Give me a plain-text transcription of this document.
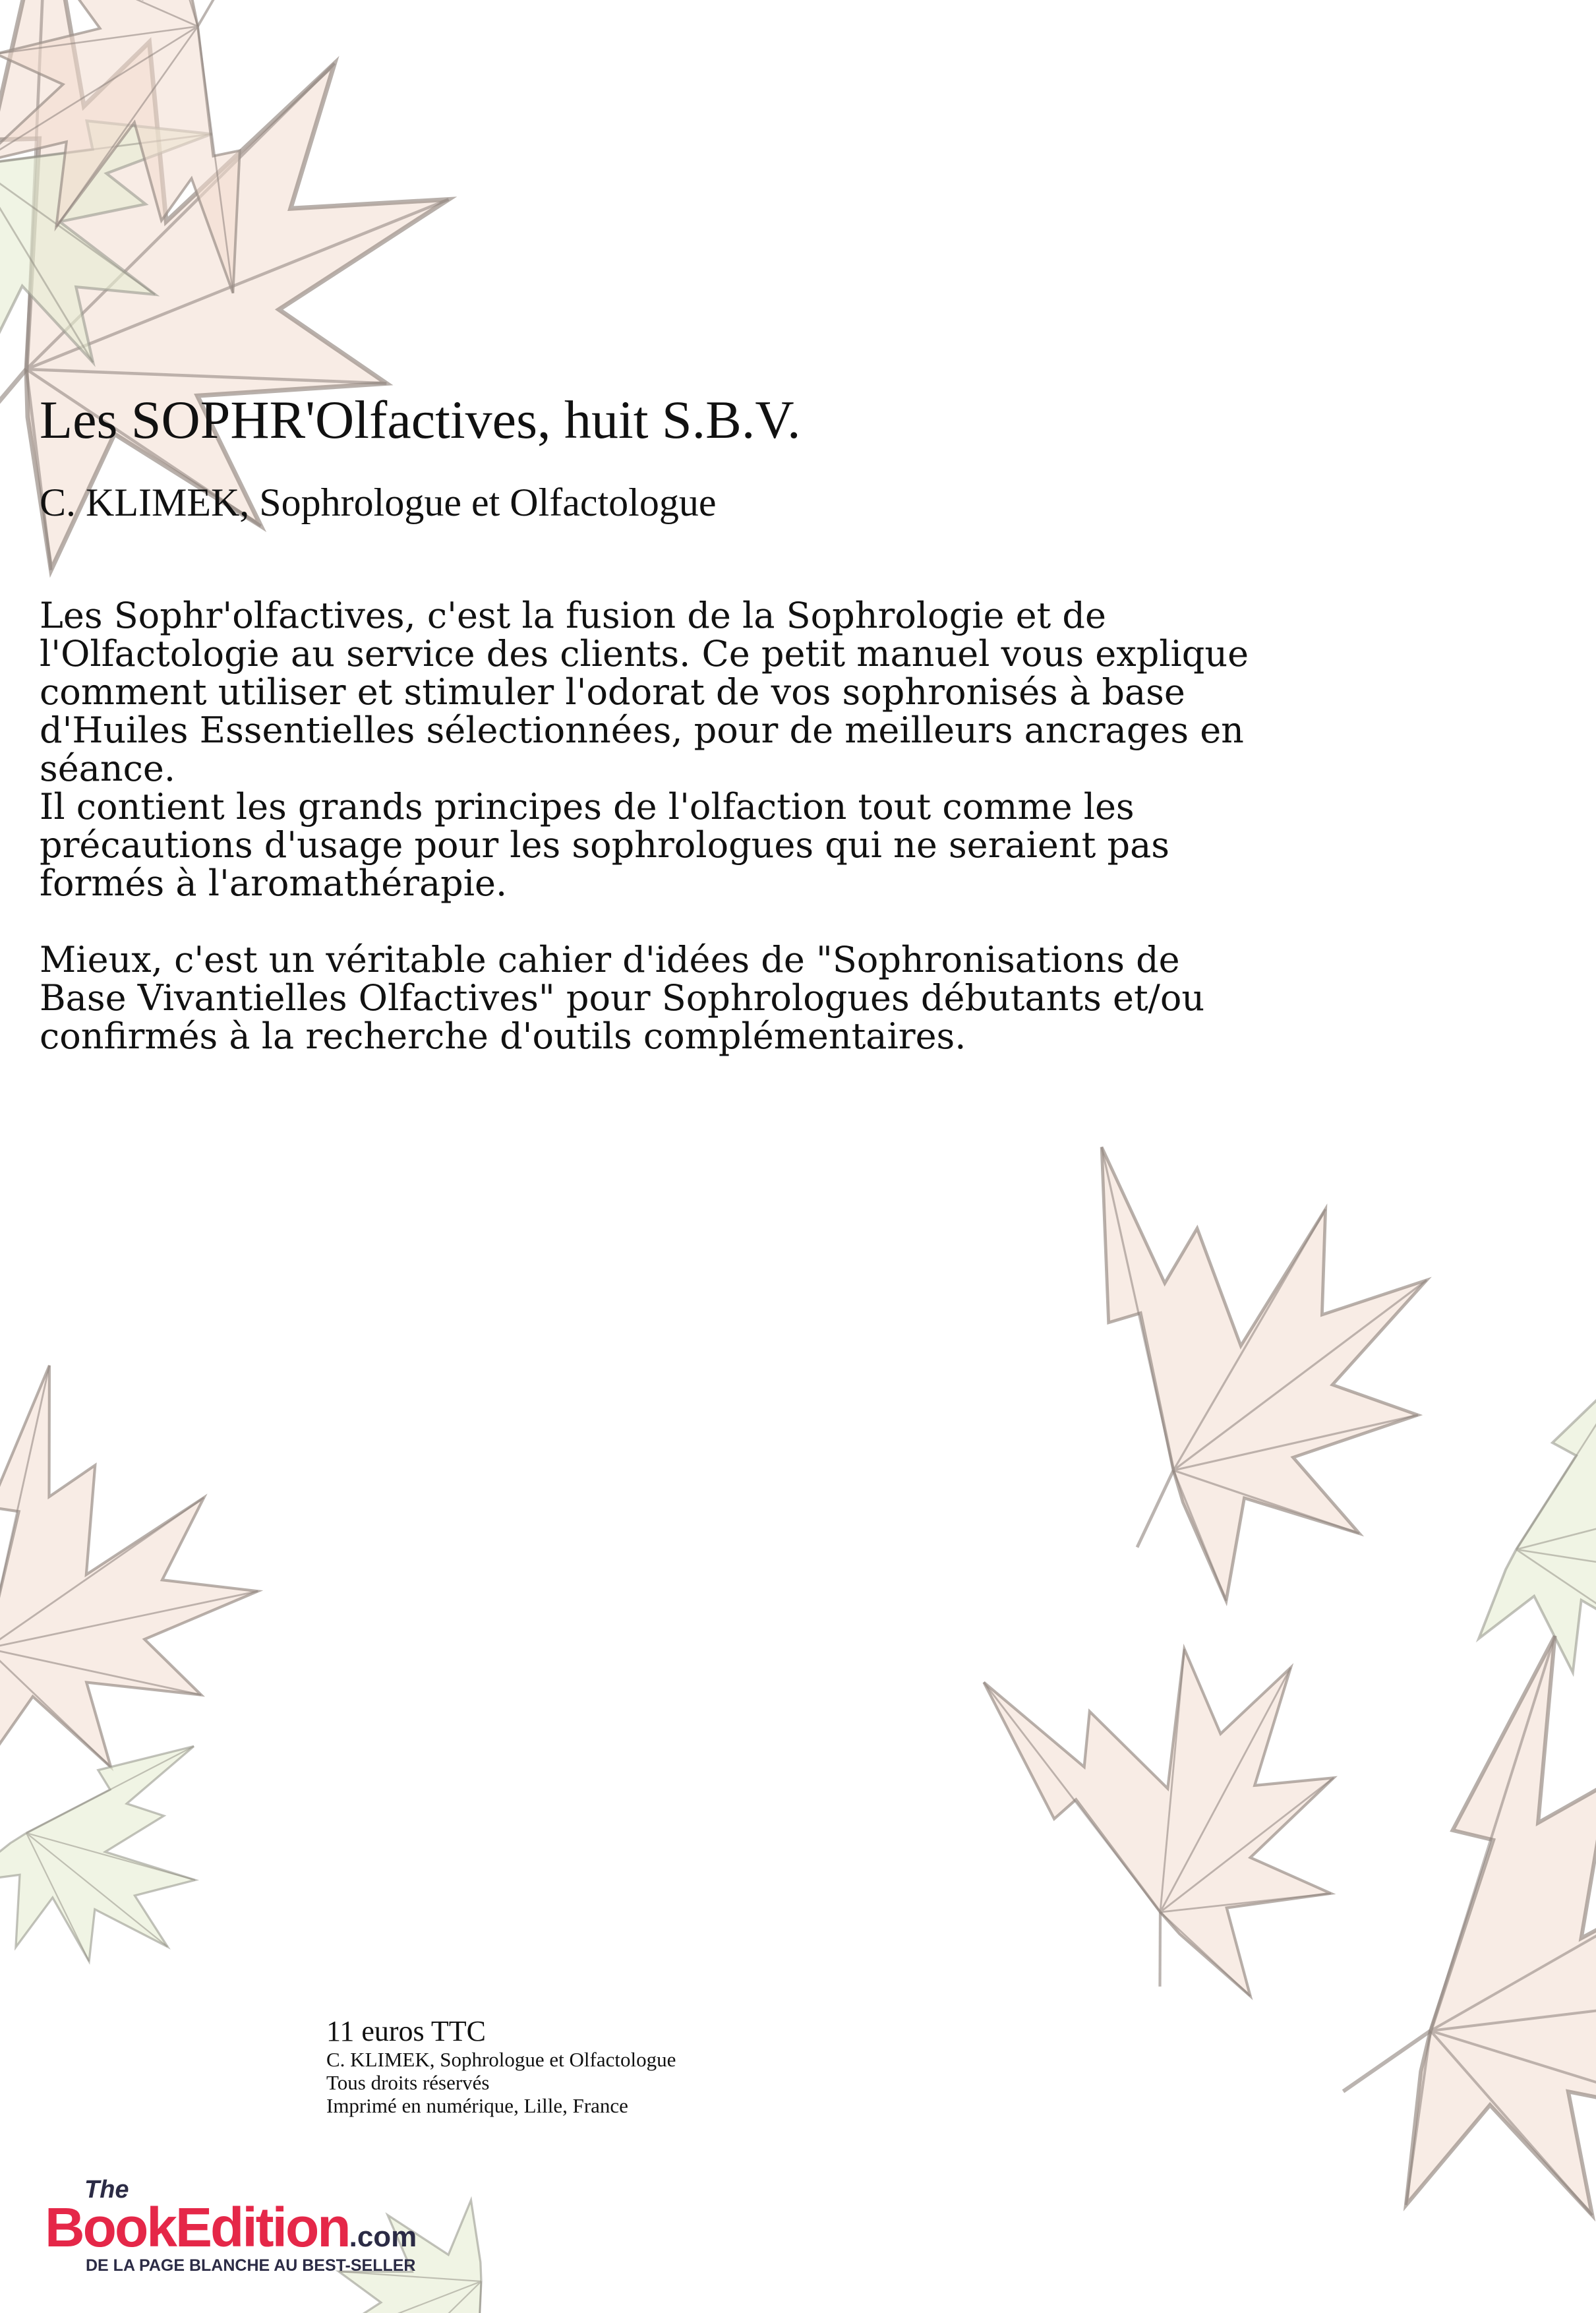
Les SOPHR'Olfactives, huit S.B.V.
C. KLIMEK, Sophrologue et Olfactologue

Les Sophr'olfactives, c'est la fusion de la Sophrologie et de l'Olfactologie au service des clients. Ce petit manuel vous explique comment utiliser et stimuler l'odorat de vos sophronisés à base d'Huiles Essentielles sélectionnées, pour de meilleurs ancrages en séance.
Il contient les grands principes de l'olfaction tout comme les précautions d'usage pour les sophrologues qui ne seraient pas formés à l'aromathérapie.

Mieux, c'est un véritable cahier d'idées de "Sophronisations de Base Vivantielles Olfactives" pour Sophrologues débutants et/ou confirmés à la recherche d'outils complémentaires.

11 euros TTC
C. KLIMEK, Sophrologue et Olfactologue
Tous droits réservés
Imprimé en numérique, Lille, France
The
BookEdition.com
DE LA PAGE BLANCHE AU BEST-SELLER
